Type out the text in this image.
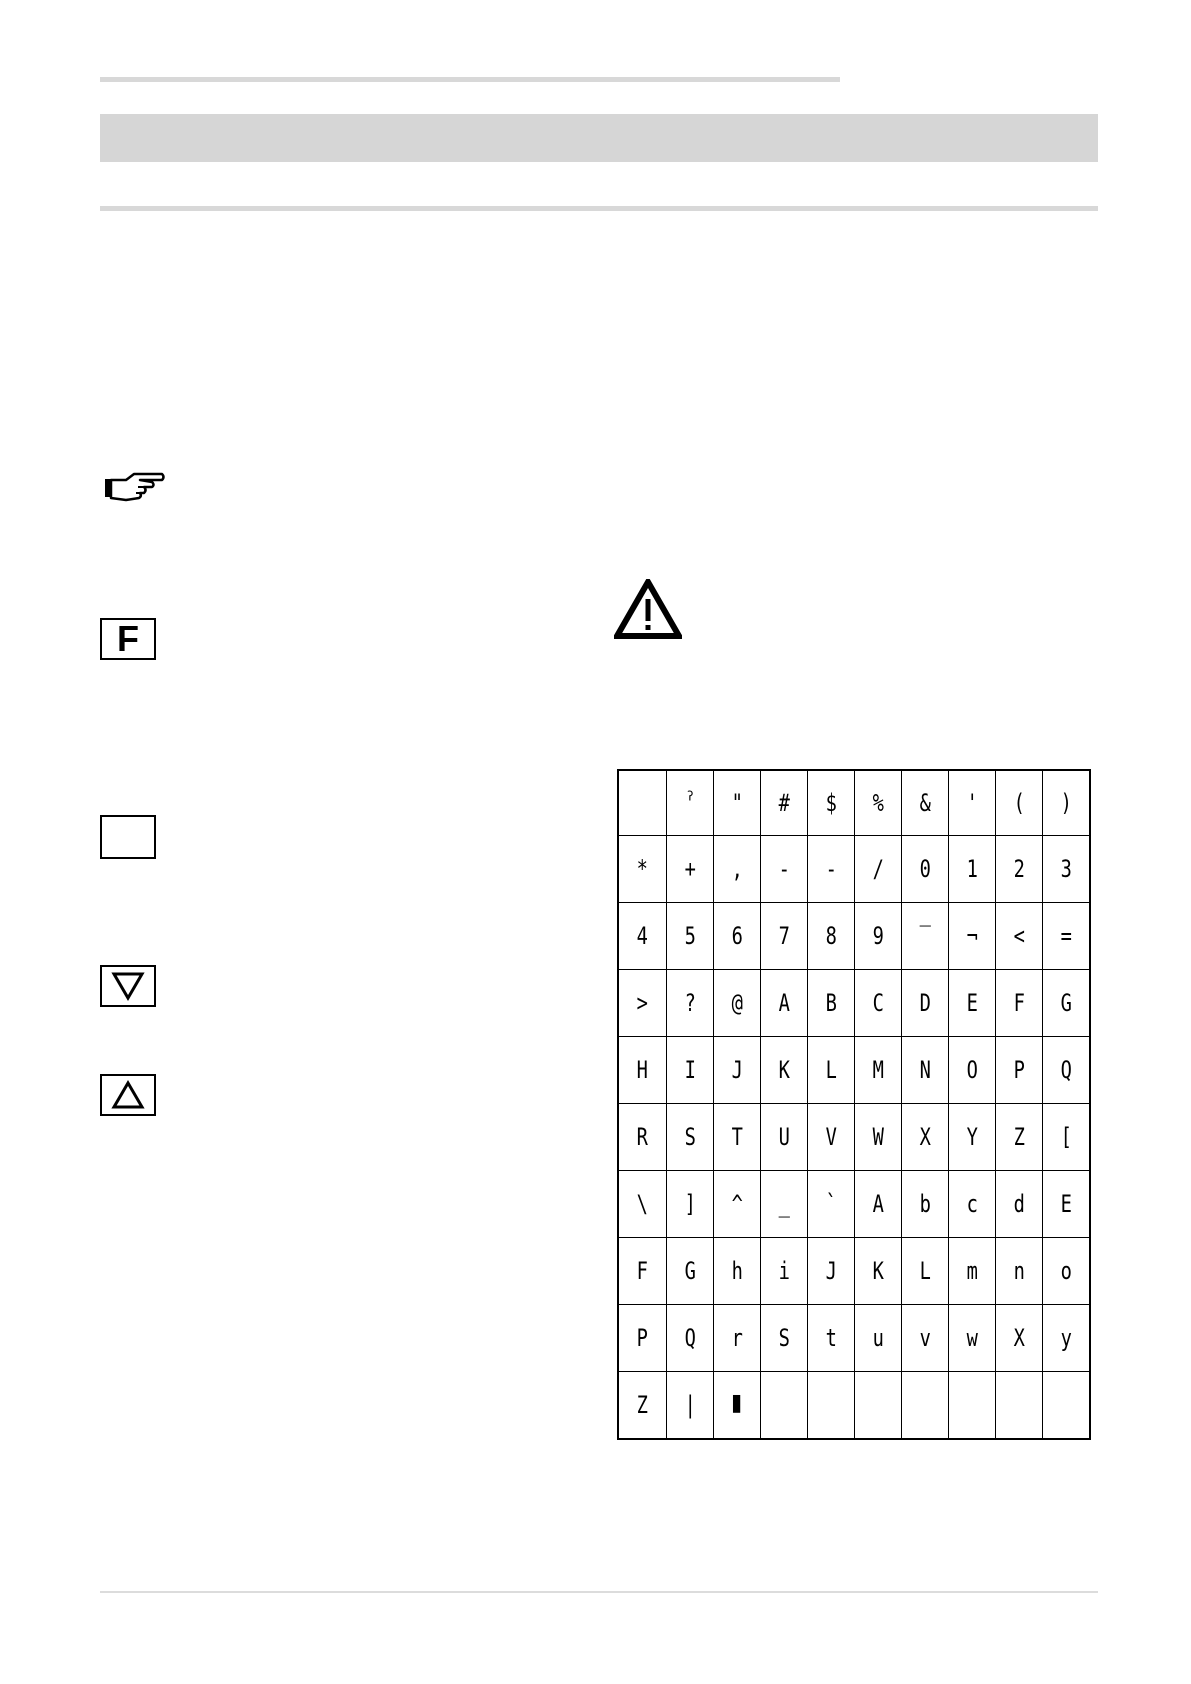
F
	ˀ	"	#	$	%	&	'	(	)
*	+	,	-	-	/	0	1	2	3
4	5	6	7	8	9	‾	¬	<	=
>	?	@	A	B	C	D	E	F	G
H	I	J	K	L	M	N	O	P	Q
R	S	T	U	V	W	X	Y	Z	[
\	]	^	_	`	A	b	c	d	E
F	G	h	i	J	K	L	m	n	o
P	Q	r	S	t	u	v	w	X	y
Z	|	█							
